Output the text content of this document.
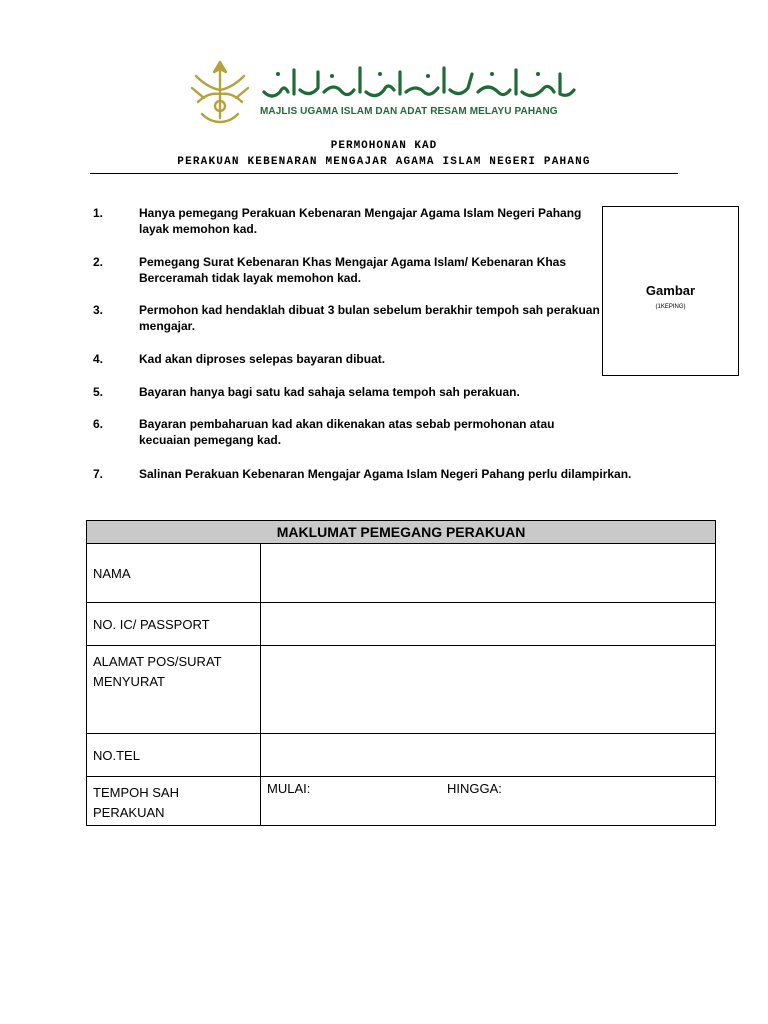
MAJLIS UGAMA ISLAM DAN ADAT RESAM MELAYU PAHANG
PERMOHONAN KAD
PERAKUAN KEBENARAN MENGAJAR AGAMA ISLAM NEGERI PAHANG
1.	Hanya pemegang Perakuan Kebenaran Mengajar Agama Islam Negeri Pahang layak memohon kad.
2.	Pemegang Surat Kebenaran Khas Mengajar Agama Islam/ Kebenaran Khas Berceramah tidak layak memohon kad.
3.	Permohon kad hendaklah dibuat 3 bulan sebelum berakhir tempoh sah perakuan mengajar.
4.	Kad akan diproses selepas bayaran dibuat.
5.	Bayaran hanya bagi satu kad sahaja selama tempoh sah perakuan.
6.	Bayaran pembaharuan kad akan dikenakan atas sebab permohonan atau kecuaian pemegang kad.
7.	Salinan Perakuan Kebenaran Mengajar Agama Islam Negeri Pahang perlu dilampirkan.
Gambar
(1KEPING)
MAKLUMAT PEMEGANG PERAKUAN	
NAMA	
NO. IC/ PASSPORT	
ALAMAT POS/SURAT MENYURAT	
NO.TEL	
TEMPOH SAH PERAKUAN	MULAI: HINGGA:
